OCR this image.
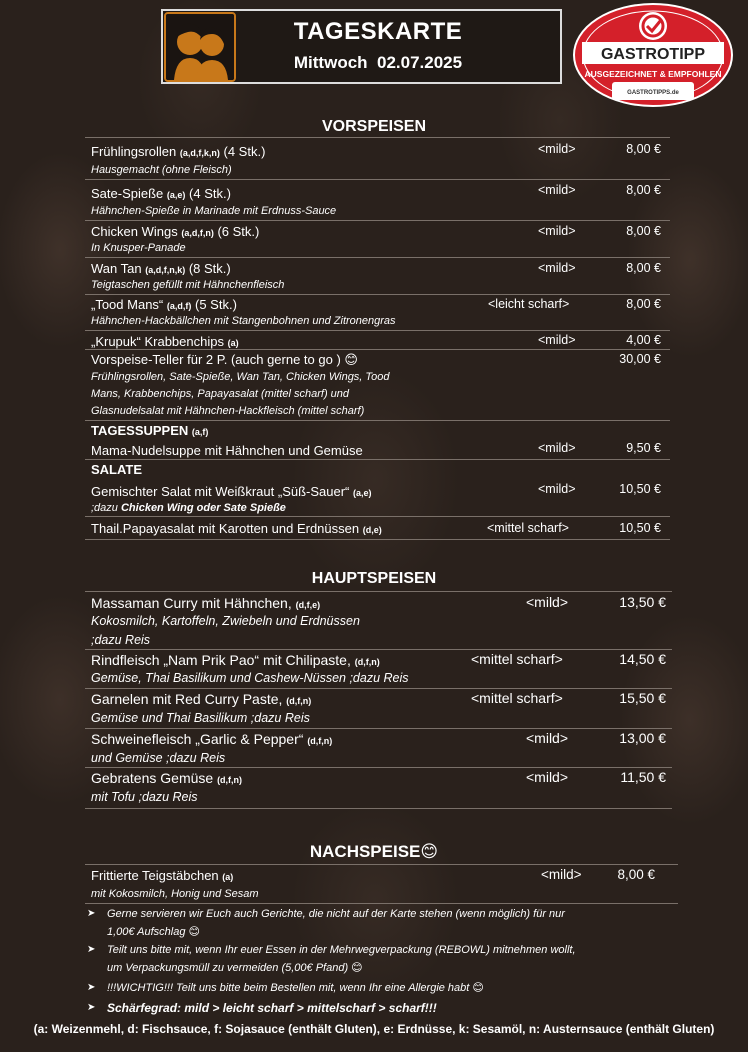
TAGESKARTE
Mittwoch 02.07.2025	GASTROTIPP
AUSGEZEICHNET & EMPFOHLEN
GASTROTIPPS.de
VORSPEISEN
Frühlingsrollen (a,d,f,k,n) (4 Stk.)
Hausgemacht (ohne Fleisch)
<mild>	8,00 €
Sate-Spieße (a,e) (4 Stk.)
Hähnchen-Spieße in Marinade mit Erdnuss-Sauce
<mild>	8,00 €
Chicken Wings (a,d,f,n) (6 Stk.)
In Knusper-Panade
<mild>	8,00 €
Wan Tan (a,d,f,n,k) (8 Stk.)
Teigtaschen gefüllt mit Hähnchenfleisch
<mild>	8,00 €
„Tood Mans“ (a,d,f) (5 Stk.)
Hähnchen-Hackbällchen mit Stangenbohnen und Zitronengras
<leicht scharf>	8,00 €
„Krupuk“ Krabbenchips (a)	<mild>	4,00 €
Vorspeise-Teller für 2 P. (auch gerne to go ) 😊
Frühlingsrollen, Sate-Spieße, Wan Tan, Chicken Wings, Tood
Mans, Krabbenchips, Papayasalat (mittel scharf) und
Glasnudelsalat mit Hähnchen-Hackfleisch (mittel scharf)
30,00 €
TAGESSUPPEN (a,f)
Mama-Nudelsuppe mit Hähnchen und Gemüse	<mild>	9,50 €
SALATE
Gemischter Salat mit Weißkraut „Süß-Sauer“ (a,e)
;dazu Chicken Wing oder Sate Spieße
<mild>	10,50 €
Thail.Papayasalat mit Karotten und Erdnüssen (d,e)	<mittel scharf>	10,50 €
HAUPTSPEISEN
Massaman Curry mit Hähnchen, (d,f,e)
Kokosmilch, Kartoffeln, Zwiebeln und Erdnüssen
;dazu Reis
<mild>	13,50 €
Rindfleisch „Nam Prik Pao“ mit Chilipaste, (d,f,n)
Gemüse, Thai Basilikum und Cashew-Nüssen ;dazu Reis
<mittel scharf>	14,50 €
Garnelen mit Red Curry Paste, (d,f,n)
Gemüse und Thai Basilikum ;dazu Reis
<mittel scharf>	15,50 €
Schweinefleisch „Garlic & Pepper“ (d,f,n)
und Gemüse ;dazu Reis
<mild>	13,00 €
Gebratens Gemüse (d,f,n)
mit Tofu ;dazu Reis
<mild>	11,50 €
NACHSPEISE😊
Frittierte Teigstäbchen (a)
mit Kokosmilch, Honig und Sesam
<mild>	8,00 €
➤ Gerne servieren wir Euch auch Gerichte, die nicht auf der Karte stehen (wenn möglich) für nur
1,00€ Aufschlag 😊
➤ Teilt uns bitte mit, wenn Ihr euer Essen in der Mehrwegverpackung (REBOWL) mitnehmen wollt,
um Verpackungsmüll zu vermeiden (5,00€ Pfand) 😊
➤ !!!WICHTIG!!! Teilt uns bitte beim Bestellen mit, wenn Ihr eine Allergie habt 😊
➤ Schärfegrad: mild > leicht scharf > mittelscharf > scharf!!!
(a: Weizenmehl, d: Fischsauce, f: Sojasauce (enthält Gluten), e: Erdnüsse, k: Sesamöl, n: Austernsauce (enthält Gluten)
